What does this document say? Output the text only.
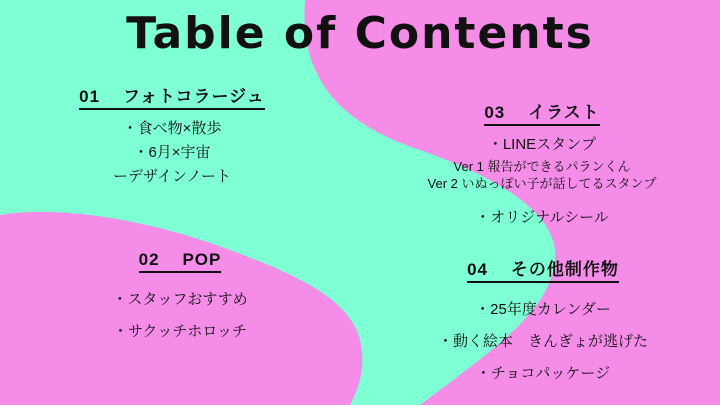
Table of Contents
01 フォトコラージュ
・食べ物×散歩
・6月×宇宙
ーデザインノート
03 イラスト
・LINEスタンプ
Ver 1 報告ができるパランくん
Ver 2 いぬっぽい子が話してるスタンプ
・オリジナルシール
02 POP
・スタッフおすすめ
・サクッチホロッチ
04 その他制作物
・25年度カレンダー
・動く絵本　きんぎょが逃げた
・チョコパッケージ
